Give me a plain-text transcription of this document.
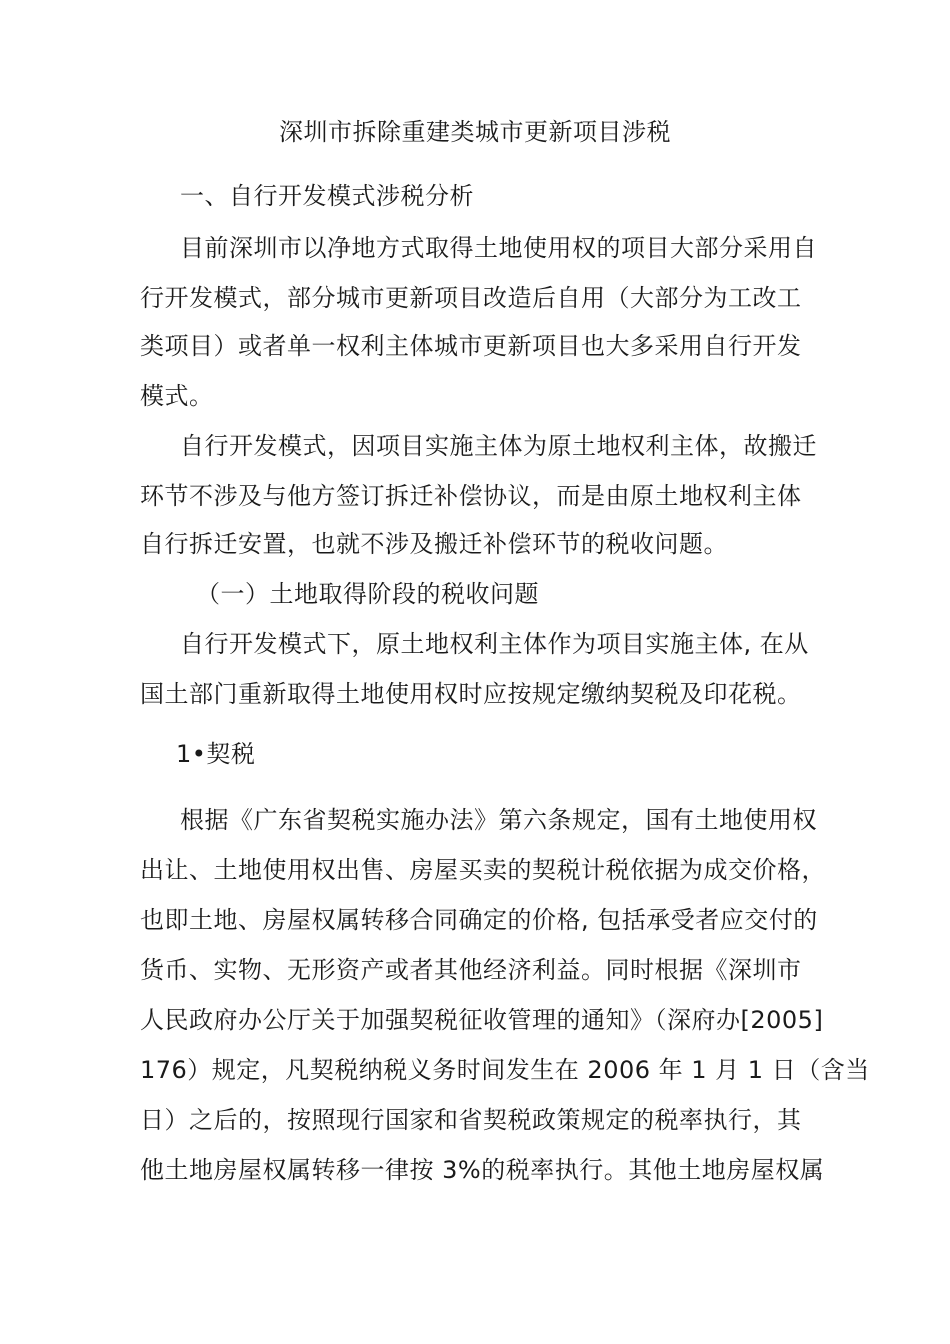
深圳市拆除重建类城市更新项目涉税
一、自行开发模式涉税分析
目前深圳市以净地方式取得土地使用权的项目大部分采用自
行开发模式，部分城市更新项目改造后自用（大部分为工改工
类项目）或者单一权利主体城市更新项目也大多采用自行开发
模式。
自行开发模式，因项目实施主体为原土地权利主体，故搬迁
环节不涉及与他方签订拆迁补偿协议，而是由原土地权利主体
自行拆迁安置，也就不涉及搬迁补偿环节的税收问题。
（一）土地取得阶段的税收问题
自行开发模式下，原土地权利主体作为项目实施主体, 在从
国土部门重新取得土地使用权时应按规定缴纳契税及印花税。
1•契税
根据《广东省契税实施办法》第六条规定，国有土地使用权
出让、土地使用权出售、房屋买卖的契税计税依据为成交价格，
也即土地、房屋权属转移合同确定的价格, 包括承受者应交付的
货币、实物、无形资产或者其他经济利益。同时根据《深圳市
人民政府办公厅关于加强契税征收管理的通知》（深府办[2005]
176）规定，凡契税纳税义务时间发生在 2006 年 1 月 1 日（含当
日）之后的，按照现行国家和省契税政策规定的税率执行，其
他土地房屋权属转移一律按 3%的税率执行。其他土地房屋权属
